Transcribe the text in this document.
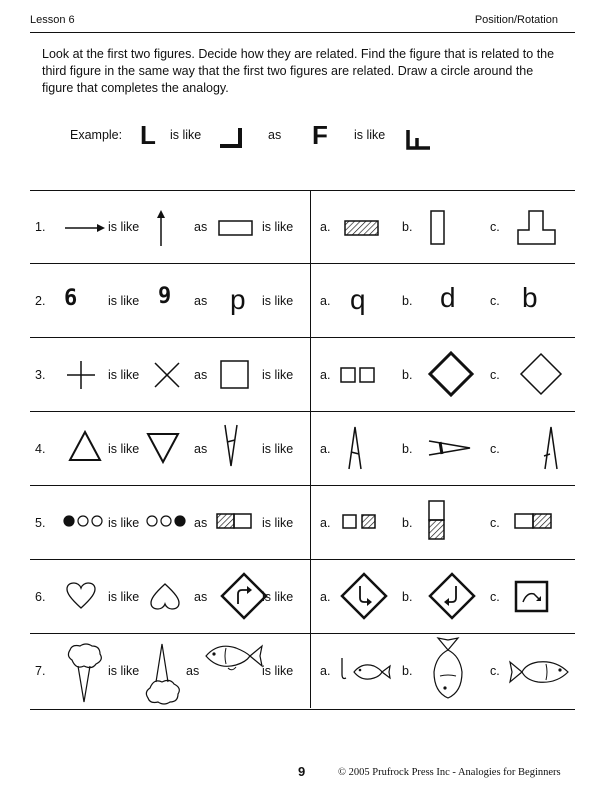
Lesson 6	Position/Rotation
Look at the first two figures. Decide how they are related. Find the figure that is related to the third figure in the same way that the first two figures are related. Draw a circle around the figure that completes the analogy.
Example: L is like	as F is like
1.	is like	as	is like a.	b.	c.
2. 6 is like 9 as p is like a. q	b. d	c. b
3.	is like	as	is like a.	b.	c.
4.	is like	as	is like a.	b.	c.
5.	is like	as	is like a.	b.	c.
6.	is like	as	is like a.	b.	c.
7.	is like	as	is like a.	b.	c.
9	© 2005 Prufrock Press Inc - Analogies for Beginners
